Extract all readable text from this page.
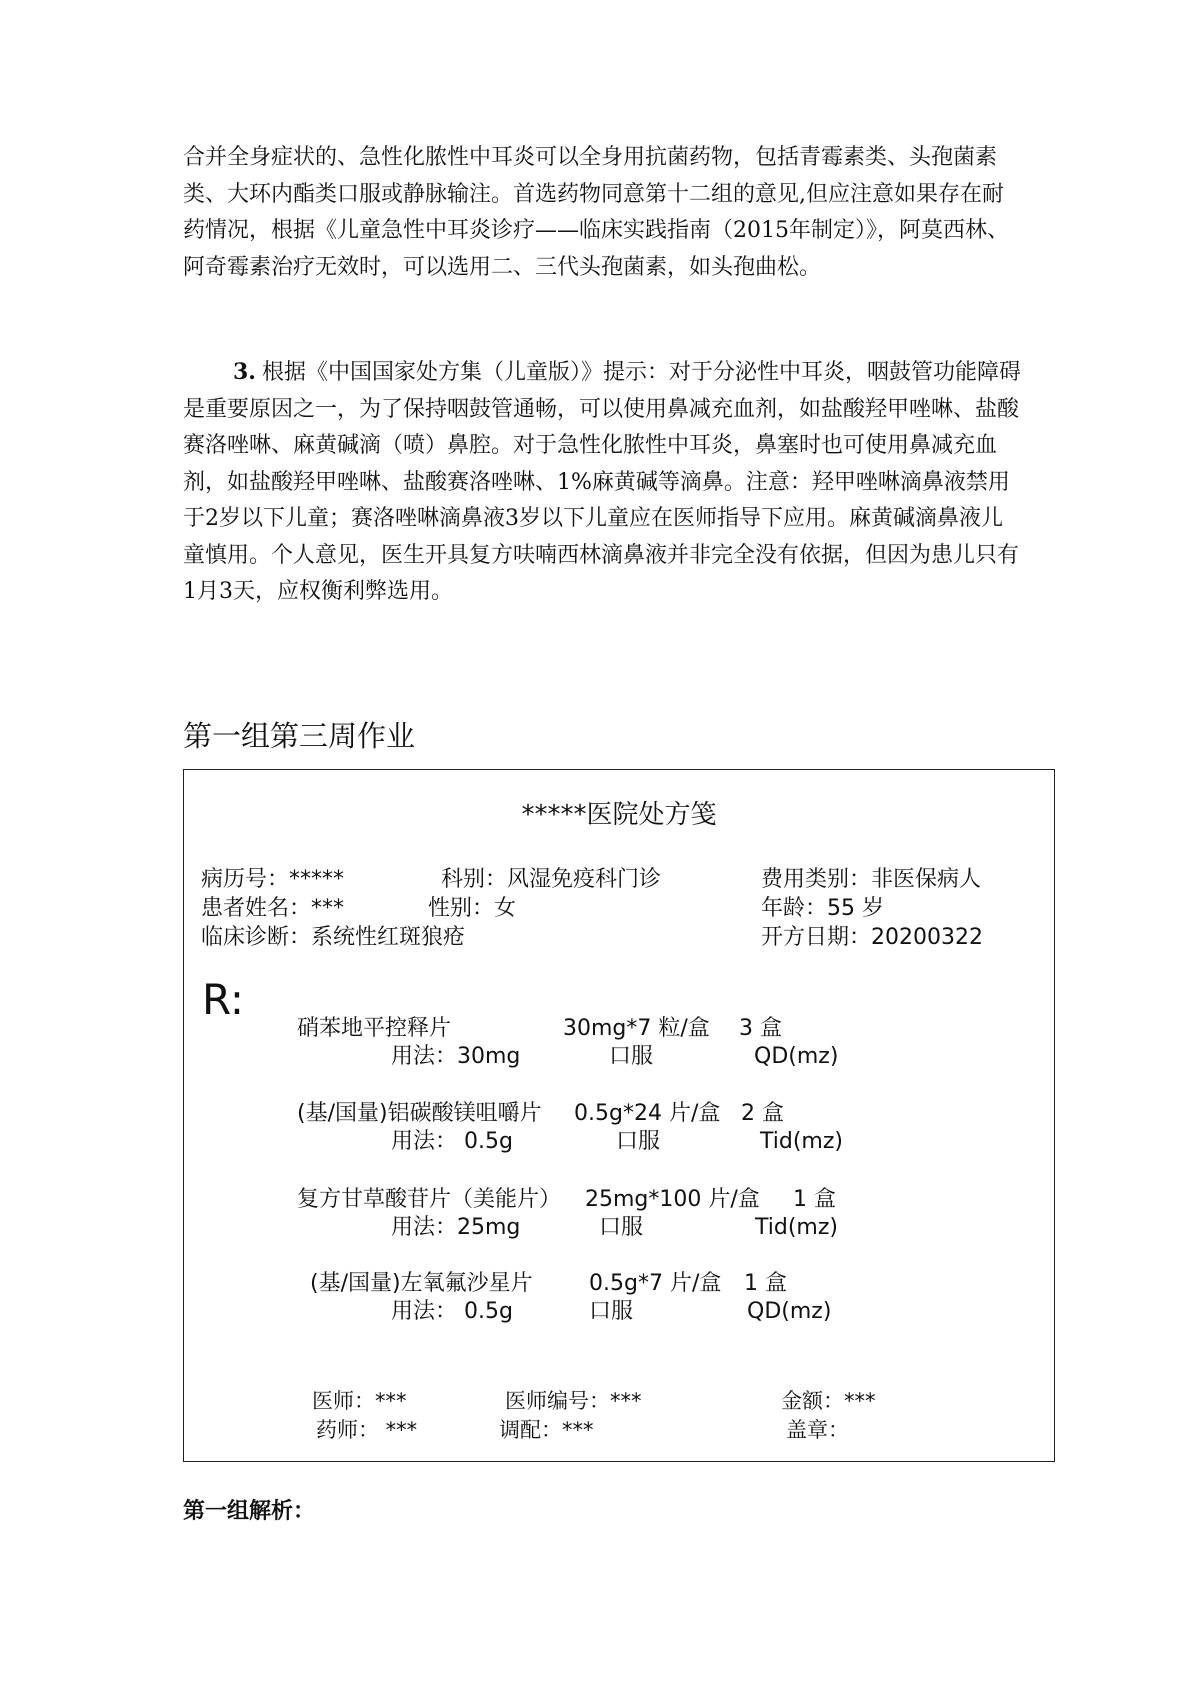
合并全身症状的、急性化脓性中耳炎可以全身用抗菌药物，包括青霉素类、头孢菌素类、大环内酯类口服或静脉输注。首选药物同意第十二组的意见,但应注意如果存在耐药情况，根据《儿童急性中耳炎诊疗——临床实践指南（2015年制定）》，阿莫西林、阿奇霉素治疗无效时，可以选用二、三代头孢菌素，如头孢曲松。

3. 根据《中国国家处方集（儿童版）》提示：对于分泌性中耳炎，咽鼓管功能障碍是重要原因之一，为了保持咽鼓管通畅，可以使用鼻减充血剂，如盐酸羟甲唑啉、盐酸赛洛唑啉、麻黄碱滴（喷）鼻腔。对于急性化脓性中耳炎，鼻塞时也可使用鼻减充血剂，如盐酸羟甲唑啉、盐酸赛洛唑啉、1%麻黄碱等滴鼻。注意：羟甲唑啉滴鼻液禁用于2岁以下儿童；赛洛唑啉滴鼻液3岁以下儿童应在医师指导下应用。麻黄碱滴鼻液儿童慎用。个人意见，医生开具复方呋喃西林滴鼻液并非完全没有依据，但因为患儿只有1月3天，应权衡利弊选用。

第一组第三周作业
*****医院处方笺
病历号：*****	科别：风湿免疫科门诊	费用类别：非医保病人
患者姓名：***	性别：女	年龄：55 岁
临床诊断：系统性红斑狼疮	开方日期：20200322
R:
硝苯地平控释片	30mg*7 粒/盒 3 盒
用法：30mg	口服	QD(mz)
(基/国量)铝碳酸镁咀嚼片 0.5g*24 片/盒 2 盒
用法： 0.5g	口服	Tid(mz)
复方甘草酸苷片（美能片） 25mg*100 片/盒 1 盒
用法：25mg	口服	Tid(mz)
(基/国量)左氧氟沙星片	0.5g*7 片/盒 1 盒
用法： 0.5g	口服	QD(mz)
医师：***	医师编号：***	金额：***
药师： ***	调配：***	盖章：
第一组解析：
